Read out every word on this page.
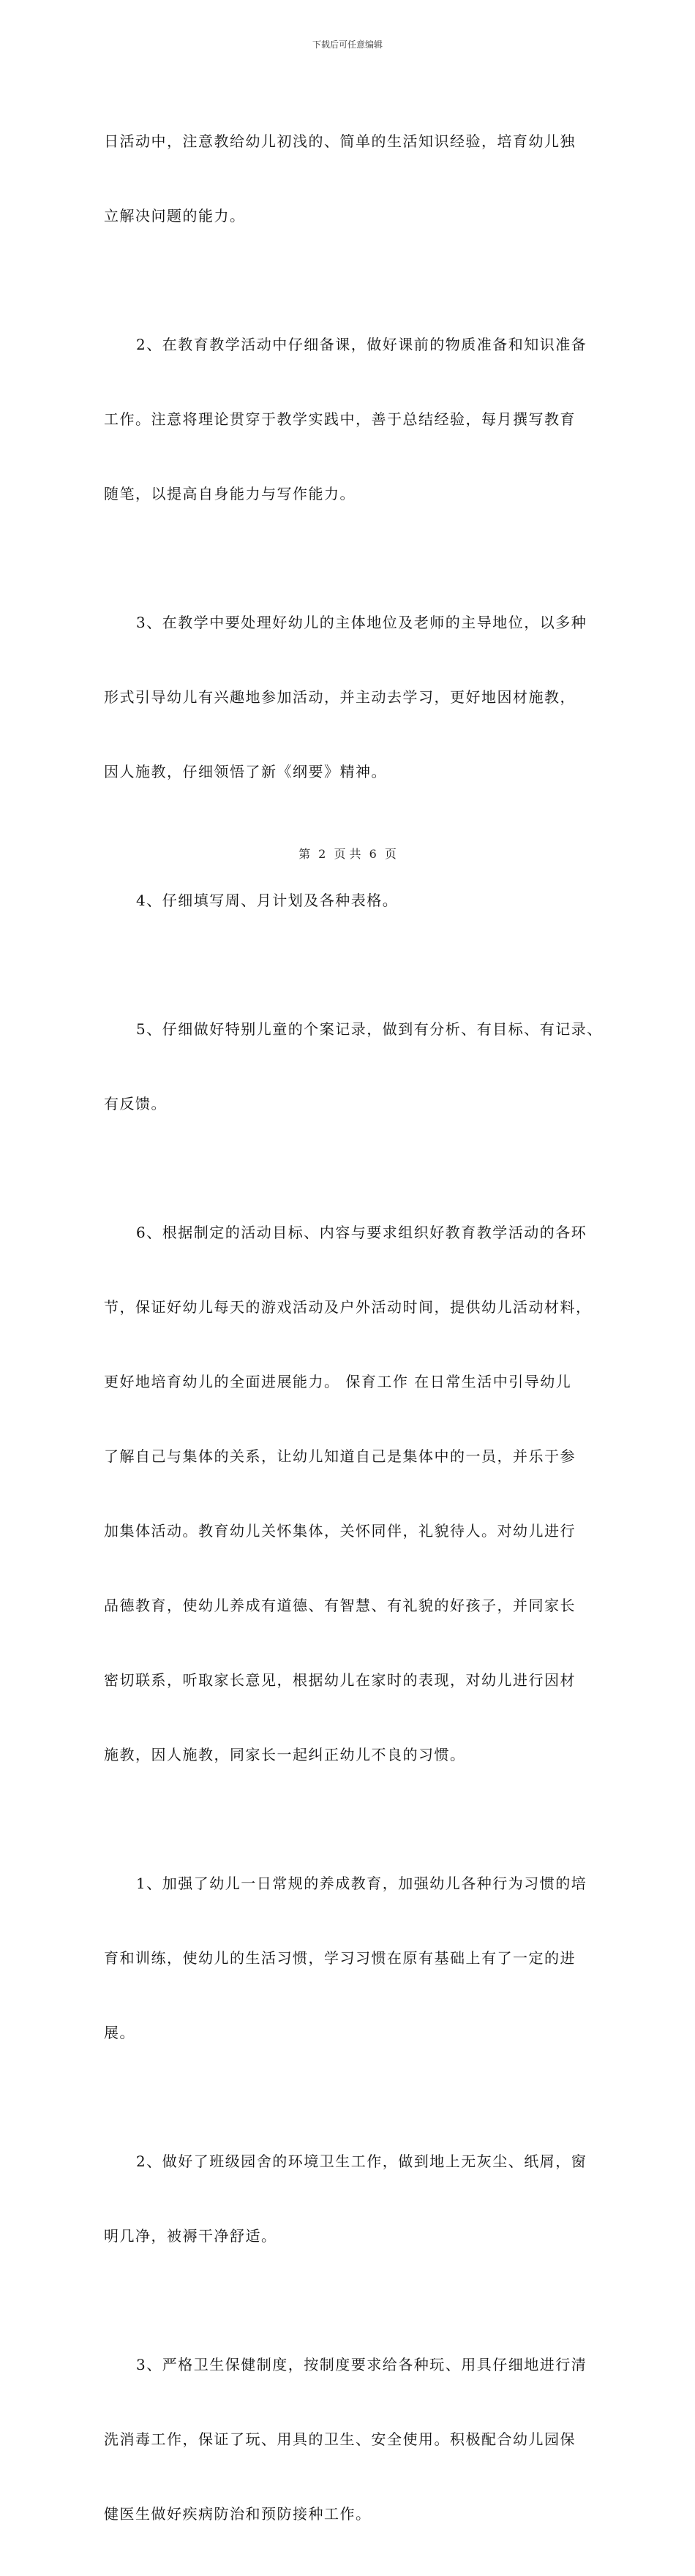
下载后可任意编辑

日活动中，注意教给幼儿初浅的、简单的生活知识经验，培育幼儿独

立解决问题的能力。

2、在教育教学活动中仔细备课，做好课前的物质准备和知识准备

工作。注意将理论贯穿于教学实践中，善于总结经验，每月撰写教育

随笔，以提高自身能力与写作能力。

3、在教学中要处理好幼儿的主体地位及老师的主导地位，以多种

形式引导幼儿有兴趣地参加活动，并主动去学习，更好地因材施教，

因人施教，仔细领悟了新《纲要》精神。

4、仔细填写周、月计划及各种表格。

5、仔细做好特别儿童的个案记录，做到有分析、有目标、有记录、

有反馈。

6、根据制定的活动目标、内容与要求组织好教育教学活动的各环

节，保证好幼儿每天的游戏活动及户外活动时间，提供幼儿活动材料，

更好地培育幼儿的全面进展能力。 保育工作 在日常生活中引导幼儿

了解自己与集体的关系，让幼儿知道自己是集体中的一员，并乐于参

加集体活动。教育幼儿关怀集体，关怀同伴，礼貌待人。对幼儿进行

品德教育，使幼儿养成有道德、有智慧、有礼貌的好孩子，并同家长

密切联系，听取家长意见，根据幼儿在家时的表现，对幼儿进行因材

施教，因人施教，同家长一起纠正幼儿不良的习惯。

1、加强了幼儿一日常规的养成教育，加强幼儿各种行为习惯的培

育和训练，使幼儿的生活习惯，学习习惯在原有基础上有了一定的进

展。

2、做好了班级园舍的环境卫生工作，做到地上无灰尘、纸屑，窗

明几净，被褥干净舒适。

3、严格卫生保健制度，按制度要求给各种玩、用具仔细地进行清

洗消毒工作，保证了玩、用具的卫生、安全使用。积极配合幼儿园保

健医生做好疾病防治和预防接种工作。

第 2 页 共 6 页
